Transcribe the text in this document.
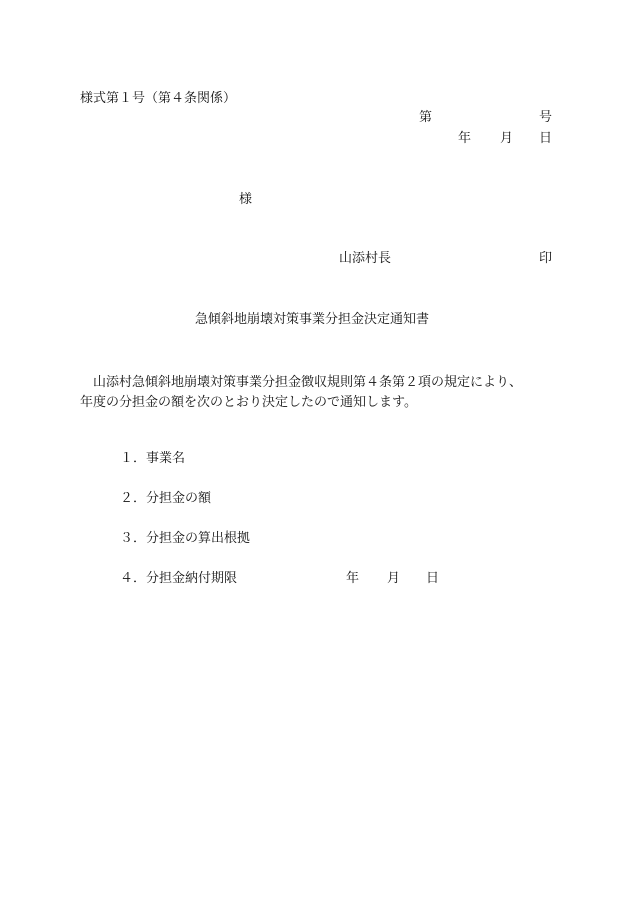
様式第１号（第４条関係）
第	号
年 月 日
様
山添村長	印
急傾斜地崩壊対策事業分担金決定通知書
山添村急傾斜地崩壊対策事業分担金徴収規則第４条第２項の規定により、
年度の分担金の額を次のとおり決定したので通知します。
１．事業名
２．分担金の額
３．分担金の算出根拠
４．分担金納付期限	年 月 日
